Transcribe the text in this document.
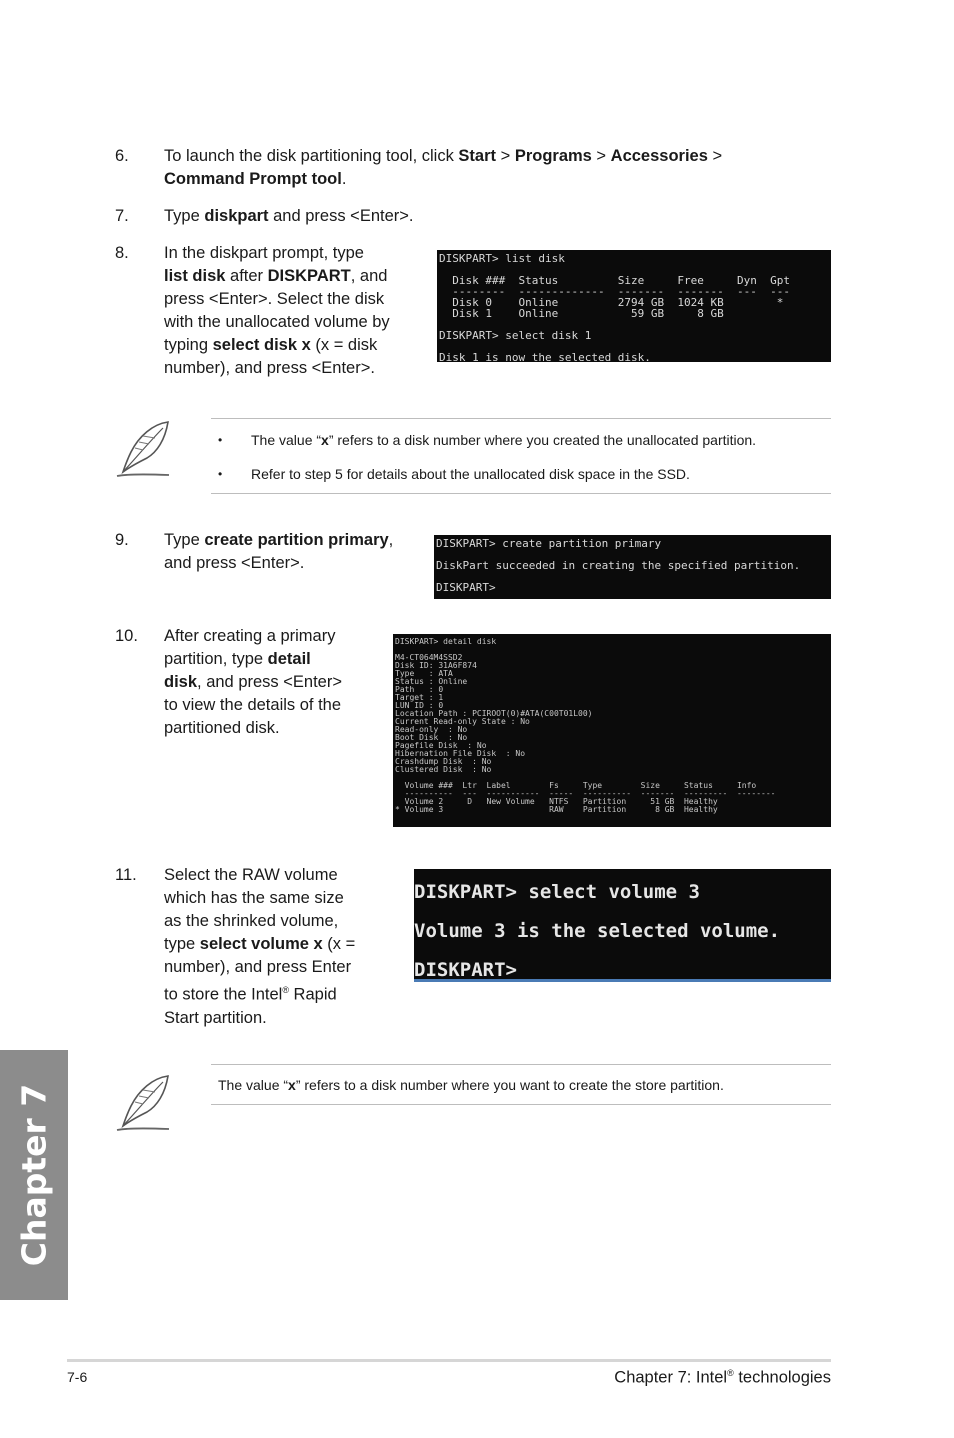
6. To launch the disk partitioning tool, click Start > Programs > Accessories >
Command Prompt tool.
7. Type diskpart and press <Enter>.
8. In the diskpart prompt, type
list disk after DISKPART, and
press <Enter>. Select the disk
with the unallocated volume by
typing select disk x (x = disk
number), and press <Enter>.
DISKPART> list disk

Disk ###  Status         Size     Free     Dyn  Gpt
--------  -------------  -------  -------  ---  ---
Disk 0    Online         2794 GB  1024 KB        *
Disk 1    Online           59 GB     8 GB

DISKPART> select disk 1

Disk 1 is now the selected disk.
• The value “x” refers to a disk number where you created the unallocated partition.
• Refer to step 5 for details about the unallocated disk space in the SSD.
9. Type create partition primary,
and press <Enter>.
DISKPART> create partition primary

DiskPart succeeded in creating the specified partition.

DISKPART>
10. After creating a primary
partition, type detail
disk, and press <Enter>
to view the details of the
partitioned disk.
DISKPART> detail disk

M4-CT064M4SSD2
Disk ID: 31A6F874
Type   : ATA
Status : Online
Path   : 0
Target : 1
LUN ID : 0
Location Path : PCIROOT(0)#ATA(C00T01L00)
Current Read-only State : No
Read-only  : No
Boot Disk  : No
Pagefile Disk  : No
Hibernation File Disk  : No
Crashdump Disk  : No
Clustered Disk  : No

Volume ###  Ltr  Label        Fs     Type        Size     Status     Info
----------  ---  -----------  -----  ----------  -------  ---------  --------
Volume 2     D   New Volume   NTFS   Partition     51 GB  Healthy
* Volume 3                      RAW    Partition      8 GB  Healthy
11. Select the RAW volume
which has the same size
as the shrinked volume,
type select volume x (x =
number), and press Enter
to store the Intel® Rapid
Start partition.
DISKPART> select volume 3
Volume 3 is the selected volume.
DISKPART>
The value “x” refers to a disk number where you want to create the store partition.
Chapter 7
7-6	Chapter 7: Intel® technologies
